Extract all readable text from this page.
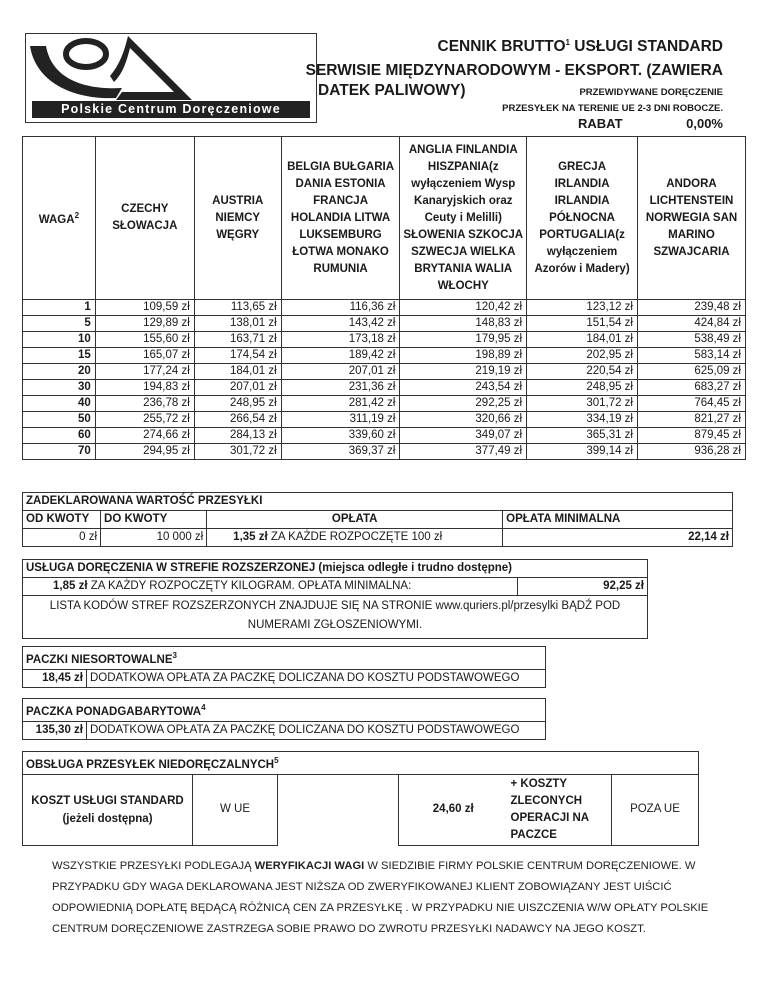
Polskie Centrum Doręczeniowe
CENNIK BRUTTO$^1$ USŁUGI STANDARD
SERWISIE MIĘDZYNARODOWYM - EKSPORT. (ZAWIERA
DATEK PALIWOWY)	PRZEWIDYWANE DORĘCZENIE
PRZESYŁEK NA TERENIE UE 2-3 DNI ROBOCZE.
RABAT	0,00%
WAGA$^2$	CZECHY SŁOWACJA	AUSTRIA NIEMCY WĘGRY	BELGIA BUŁGARIA DANIA ESTONIA FRANCJA HOLANDIA LITWA LUKSEMBURG ŁOTWA MONAKO RUMUNIA	ANGLIA FINLANDIA HISZPANIA(z wyłączeniem Wysp Kanaryjskich oraz Ceuty i Melilli) SŁOWENIA SZKOCJA SZWECJA WIELKA BRYTANIA WALIA WŁOCHY	GRECJA IRLANDIA IRLANDIA PÓŁNOCNA PORTUGALIA(z wyłączeniem Azorów i Madery)	ANDORA LICHTENSTEIN NORWEGIA SAN MARINO SZWAJCARIA
1	109,59 zł	113,65 zł	116,36 zł	120,42 zł	123,12 zł	239,48 zł
5	129,89 zł	138,01 zł	143,42 zł	148,83 zł	151,54 zł	424,84 zł
10	155,60 zł	163,71 zł	173,18 zł	179,95 zł	184,01 zł	538,49 zł
15	165,07 zł	174,54 zł	189,42 zł	198,89 zł	202,95 zł	583,14 zł
20	177,24 zł	184,01 zł	207,01 zł	219,19 zł	220,54 zł	625,09 zł
30	194,83 zł	207,01 zł	231,36 zł	243,54 zł	248,95 zł	683,27 zł
40	236,78 zł	248,95 zł	281,42 zł	292,25 zł	301,72 zł	764,45 zł
50	255,72 zł	266,54 zł	311,19 zł	320,66 zł	334,19 zł	821,27 zł
60	274,66 zł	284,13 zł	339,60 zł	349,07 zł	365,31 zł	879,45 zł
70	294,95 zł	301,72 zł	369,37 zł	377,49 zł	399,14 zł	936,28 zł
ZADEKLAROWANA WARTOŚĆ PRZESYŁKI			
OD KWOTY	DO KWOTY	OPŁATA	OPŁATA MINIMALNA
0 zł	10 000 zł	1,35 zł ZA KAŻDE ROZPOCZĘTE 100 zł	22,14 zł
USŁUGA DORĘCZENIA W STREFIE ROZSZERZONEJ (miejsca odległe i trudno dostępne)
1,85 zł ZA KAŻDY ROZPOCZĘTY KILOGRAM. OPŁATA MINIMALNA:	92,25 zł
LISTA KODÓW STREF ROZSZERZONYCH ZNAJDUJE SIĘ NA STRONIE www.quriers.pl/przesylki BĄDŹ POD
NUMERAMI ZGŁOSZENIOWYMI.
PACZKI NIESORTOWALNE$^3$
18,45 zł	DODATKOWA OPŁATA ZA PACZKĘ DOLICZANA DO KOSZTU PODSTAWOWEGO
PACZKA PONADGABARYTOWA$^4$
135,30 zł	DODATKOWA OPŁATA ZA PACZKĘ DOLICZANA DO KOSZTU PODSTAWOWEGO
OBSŁUGA PRZESYŁEK NIEDORĘCZALNYCH$^5$
KOSZT USŁUGI STANDARD
(jeżeli dostępna)	W UE		24,60 zł	+ KOSZTY ZLECONYCH OPERACJI NA PACZCE	POZA UE
WSZYSTKIE PRZESYŁKI PODLEGAJĄ WERYFIKACJI WAGI W SIEDZIBIE FIRMY POLSKIE CENTRUM DORĘCZENIOWE. W PRZYPADKU GDY WAGA DEKLAROWANA JEST NIŻSZA OD ZWERYFIKOWANEJ KLIENT ZOBOWIĄZANY JEST UIŚCIĆ ODPOWIEDNIĄ DOPŁATĘ BĘDĄCĄ RÓŻNICĄ CEN ZA PRZESYŁKĘ . W PRZYPADKU NIE UISZCZENIA W/W OPŁATY POLSKIE CENTRUM DORĘCZENIOWE ZASTRZEGA SOBIE PRAWO DO ZWROTU PRZESYŁKI NADAWCY NA JEGO KOSZT.
